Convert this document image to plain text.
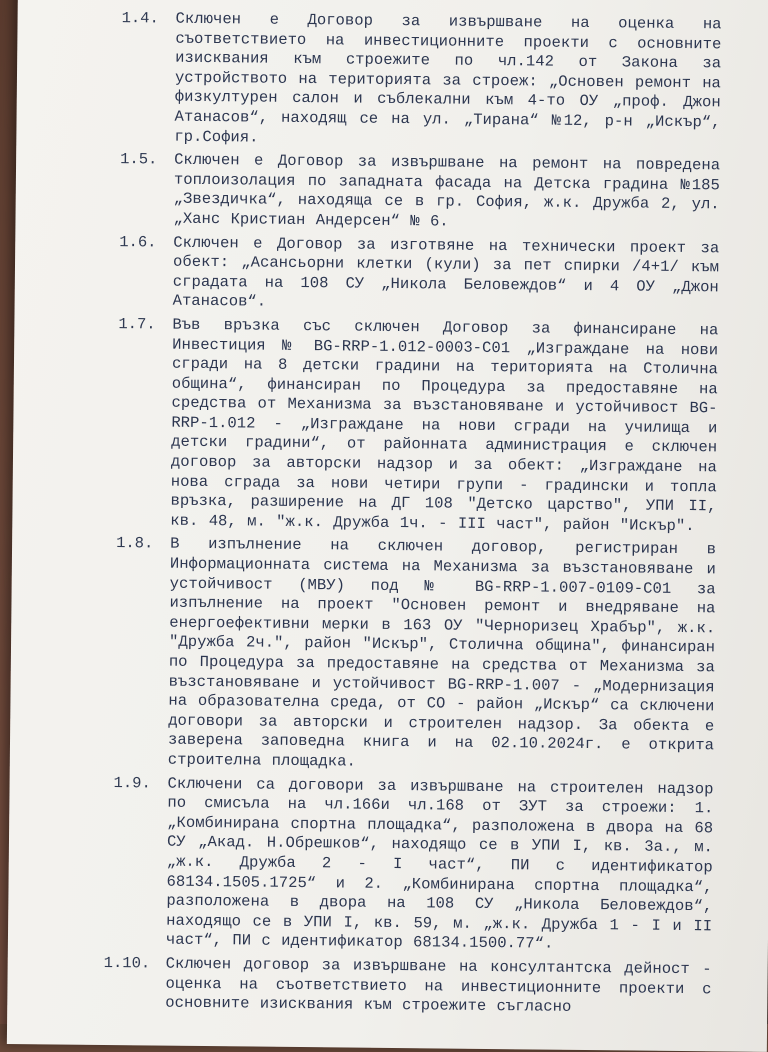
1.4.	Сключен е Договор за извършване на оценка на съответствието на инвестиционните проекти с основните изисквания към строежите по чл.142 от Закона за устройството на територията за строеж: „Основен ремонт на физкултурен салон и съблекални към 4-то ОУ „проф. Джон Атанасов“, находящ се на ул. „Тирана“ №12, р-н „Искър“, гр.София.
1.5.	Сключен е Договор за извършване на ремонт на повредена топлоизолация по западната фасада на Детска градина №185 „Звездичка“, находяща се в гр. София, ж.к. Дружба 2, ул. „Ханс Кристиан Андерсен“ № 6.
1.6.	Сключен е Договор за изготвяне на технически проект за обект: „Асансьорни клетки (кули) за пет спирки /4+1/ към сградата на 108 СУ „Никола Беловеждов“ и 4 ОУ „Джон Атанасов“.
1.7.	Във връзка със сключен Договор за финансиране на Инвестиция № BG-RRP-1.012-0003-C01 „Изграждане на нови сгради на 8 детски градини на територията на Столична община“, финансиран по Процедура за предоставяне на средства от Механизма за възстановяване и устойчивост BG-RRP-1.012 - „Изграждане на нови сгради на училища и детски градини“, от районната администрация е сключен договор за авторски надзор и за обект: „Изграждане на нова сграда за нови четири групи - градински и топла връзка, разширение на ДГ 108 "Детско царство", УПИ II, кв. 48, м. "ж.к. Дружба 1ч. - III част", район "Искър".
1.8.	В изпълнение на сключен договор, регистриран в Информационната система на Механизма за възстановяване и устойчивост (МВУ) под № BG-RRP-1.007-0109-C01 за изпълнение на проект "Основен ремонт и внедряване на енергоефективни мерки в 163 ОУ "Черноризец Храбър", ж.к. "Дружба 2ч.", район "Искър", Столична община", финансиран по Процедура за предоставяне на средства от Механизма за възстановяване и устойчивост BG-RRP-1.007 - „Модернизация на образователна среда, от СО - район „Искър“ са сключени договори за авторски и строителен надзор. За обекта е заверена заповедна книга и на 02.10.2024г. е открита строителна площадка.
1.9.	Сключени са договори за извършване на строителен надзор по смисъла на чл.166и чл.168 от ЗУТ за строежи: 1. „Комбинирана спортна площадка“, разположена в двора на 68 СУ „Акад. Н.Обрешков“, находящо се в УПИ I, кв. 3а., м. „ж.к. Дружба 2 - I част“, ПИ с идентификатор 68134.1505.1725“ и 2. „Комбинирана спортна площадка“, разположена в двора на 108 СУ „Никола Беловеждов“, находящо се в УПИ I, кв. 59, м. „ж.к. Дружба 1 - I и II част“, ПИ с идентификатор 68134.1500.77“.
1.10. Сключен договор за извършване на консултантска дейност - оценка на съответствието на инвестиционните проекти с основните изисквания към строежите съгласно
